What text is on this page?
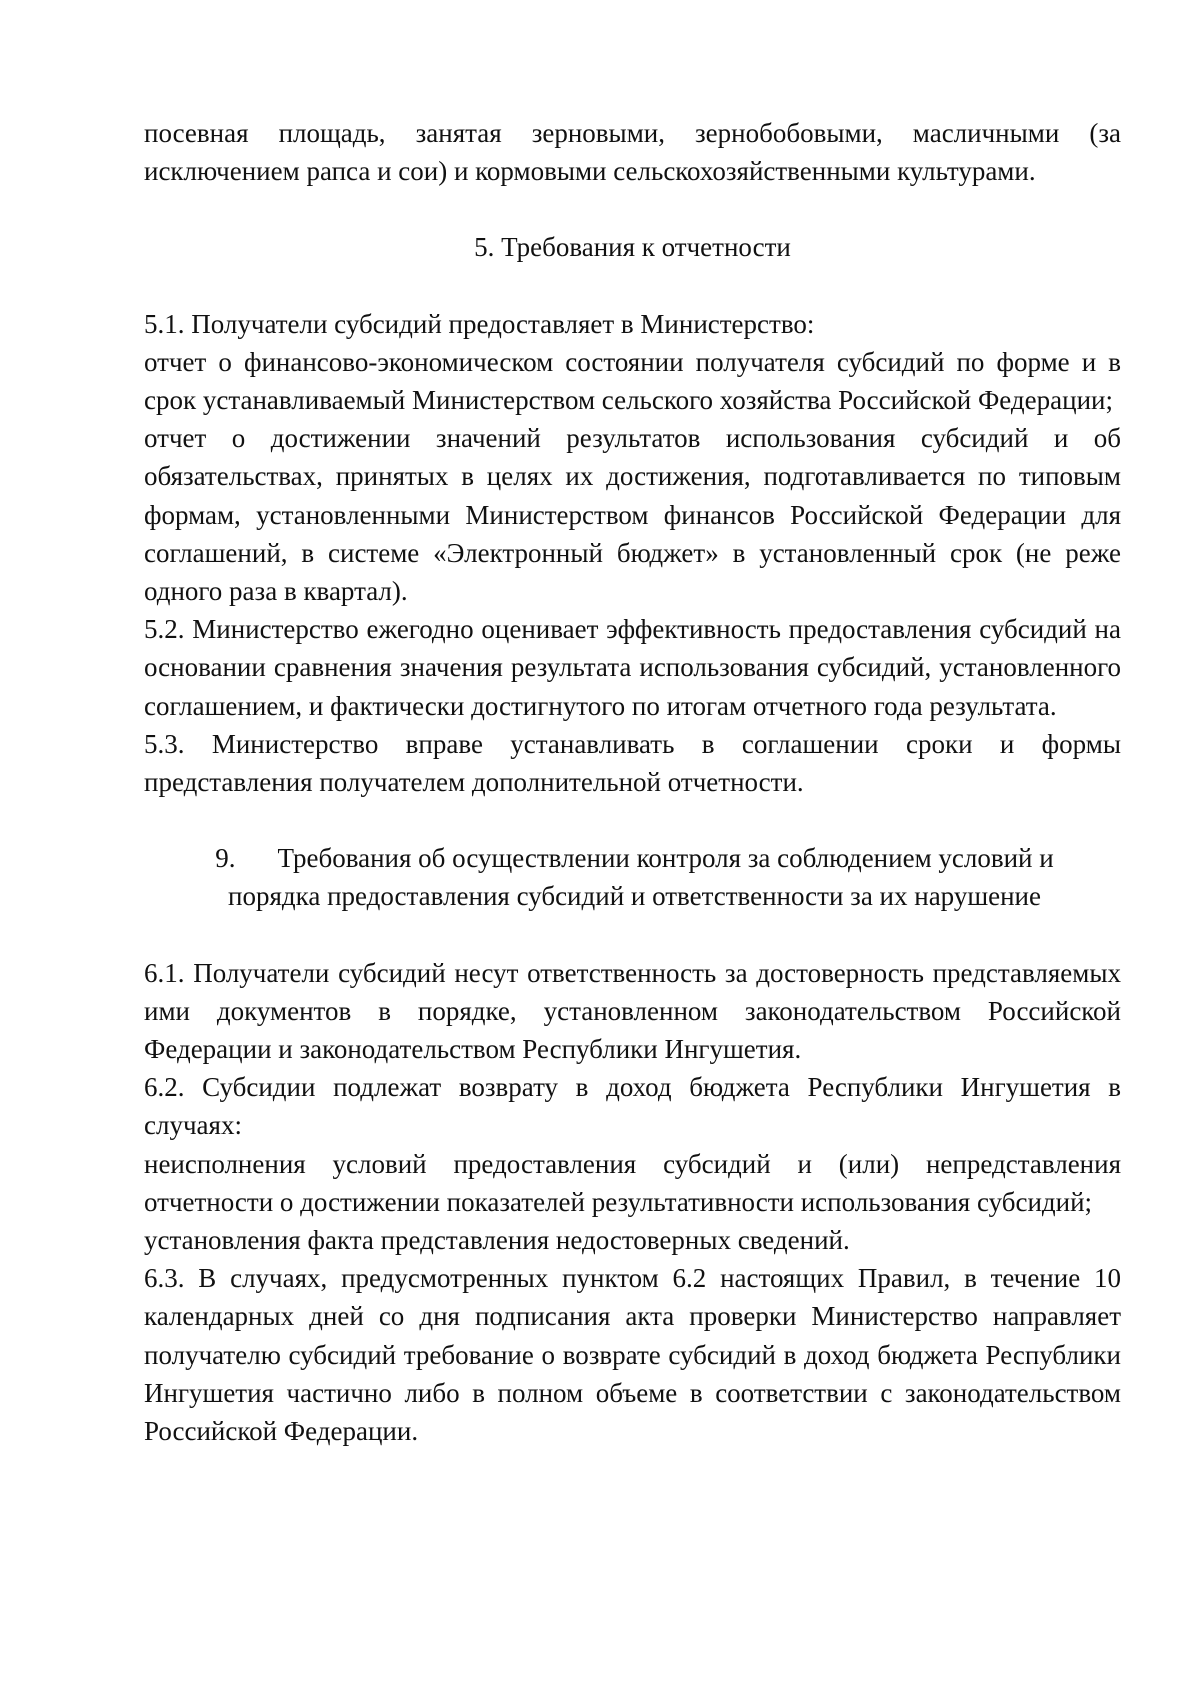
посевная площадь, занятая зерновыми, зернобобовыми, масличными (за исключением рапса и сои) и кормовыми сельскохозяйственными культурами.

5. Требования к отчетности

5.1. Получатели субсидий предоставляет в Министерство:

отчет о финансово-экономическом состоянии получателя субсидий по форме и в срок устанавливаемый Министерством сельского хозяйства Российской Федерации;

отчет о достижении значений результатов использования субсидий и об обязательствах, принятых в целях их достижения, подготавливается по типовым формам, установленными Министерством финансов Российской Федерации для соглашений, в системе «Электронный бюджет» в установленный срок (не реже одного раза в квартал).

5.2. Министерство ежегодно оценивает эффективность предоставления субсидий на основании сравнения значения результата использования субсидий, установленного соглашением, и фактически достигнутого по итогам отчетного года результата.

5.3. Министерство вправе устанавливать в соглашении сроки и формы представления получателем дополнительной отчетности.

9. Требования об осуществлении контроля за соблюдением условий и
порядка предоставления субсидий и ответственности за их нарушение

6.1. Получатели субсидий несут ответственность за достоверность представляемых ими документов в порядке, установленном законодательством Российской Федерации и законодательством Республики Ингушетия.

6.2. Субсидии подлежат возврату в доход бюджета Республики Ингушетия в случаях:

неисполнения условий предоставления субсидий и (или) непредставления отчетности о достижении показателей результативности использования субсидий;

установления факта представления недостоверных сведений.

6.3. В случаях, предусмотренных пунктом 6.2 настоящих Правил, в течение 10 календарных дней со дня подписания акта проверки Министерство направляет получателю субсидий требование о возврате субсидий в доход бюджета Республики Ингушетия частично либо в полном объеме в соответствии с законодательством Российской Федерации.
